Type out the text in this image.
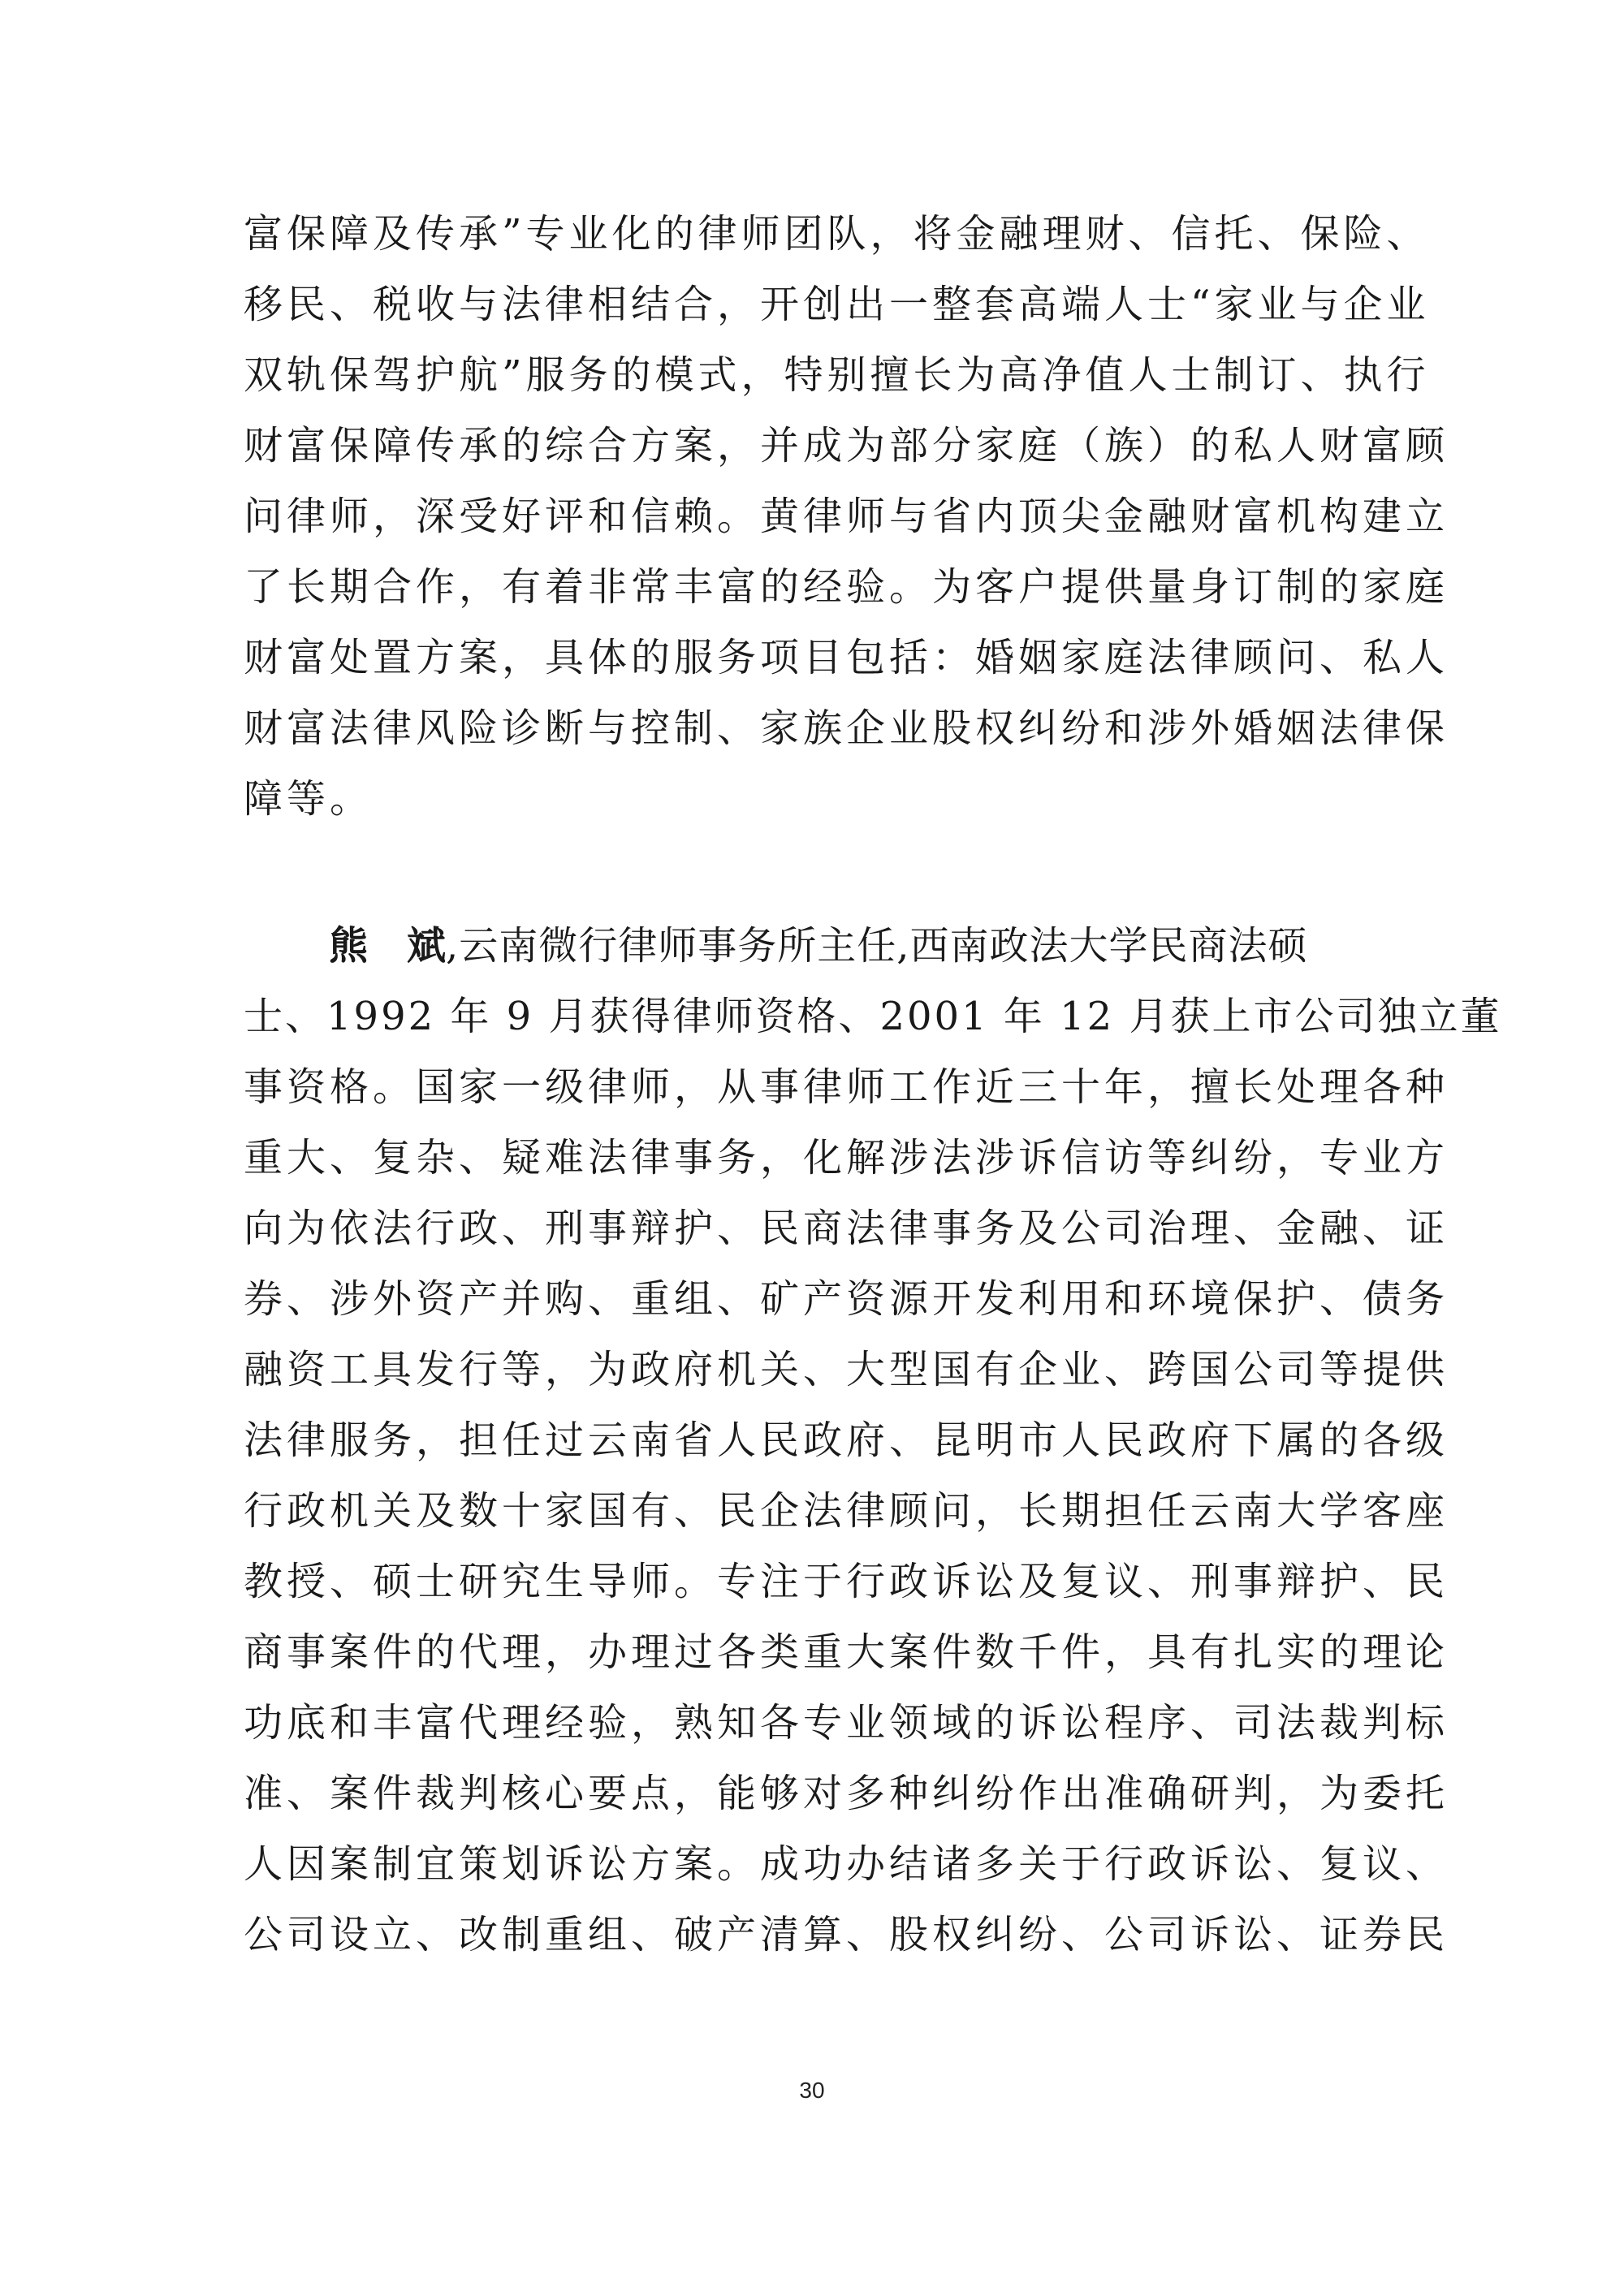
富保障及传承”专业化的律师团队，将金融理财、信托、保险、
移民、税收与法律相结合，开创出一整套高端人士“家业与企业
双轨保驾护航”服务的模式，特别擅长为高净值人士制订、执行
财富保障传承的综合方案，并成为部分家庭（族）的私人财富顾
问律师，深受好评和信赖。黄律师与省内顶尖金融财富机构建立
了长期合作，有着非常丰富的经验。为客户提供量身订制的家庭
财富处置方案，具体的服务项目包括：婚姻家庭法律顾问、私人
财富法律风险诊断与控制、家族企业股权纠纷和涉外婚姻法律保
障等。
熊　斌,云南微行律师事务所主任,西南政法大学民商法硕
士、1992 年 9 月获得律师资格、2001 年 12 月获上市公司独立董
事资格。国家一级律师，从事律师工作近三十年，擅长处理各种
重大、复杂、疑难法律事务，化解涉法涉诉信访等纠纷，专业方
向为依法行政、刑事辩护、民商法律事务及公司治理、金融、证
券、涉外资产并购、重组、矿产资源开发利用和环境保护、债务
融资工具发行等，为政府机关、大型国有企业、跨国公司等提供
法律服务，担任过云南省人民政府、昆明市人民政府下属的各级
行政机关及数十家国有、民企法律顾问，长期担任云南大学客座
教授、硕士研究生导师。专注于行政诉讼及复议、刑事辩护、民
商事案件的代理，办理过各类重大案件数千件，具有扎实的理论
功底和丰富代理经验，熟知各专业领域的诉讼程序、司法裁判标
准、案件裁判核心要点，能够对多种纠纷作出准确研判，为委托
人因案制宜策划诉讼方案。成功办结诸多关于行政诉讼、复议、
公司设立、改制重组、破产清算、股权纠纷、公司诉讼、证券民
30
